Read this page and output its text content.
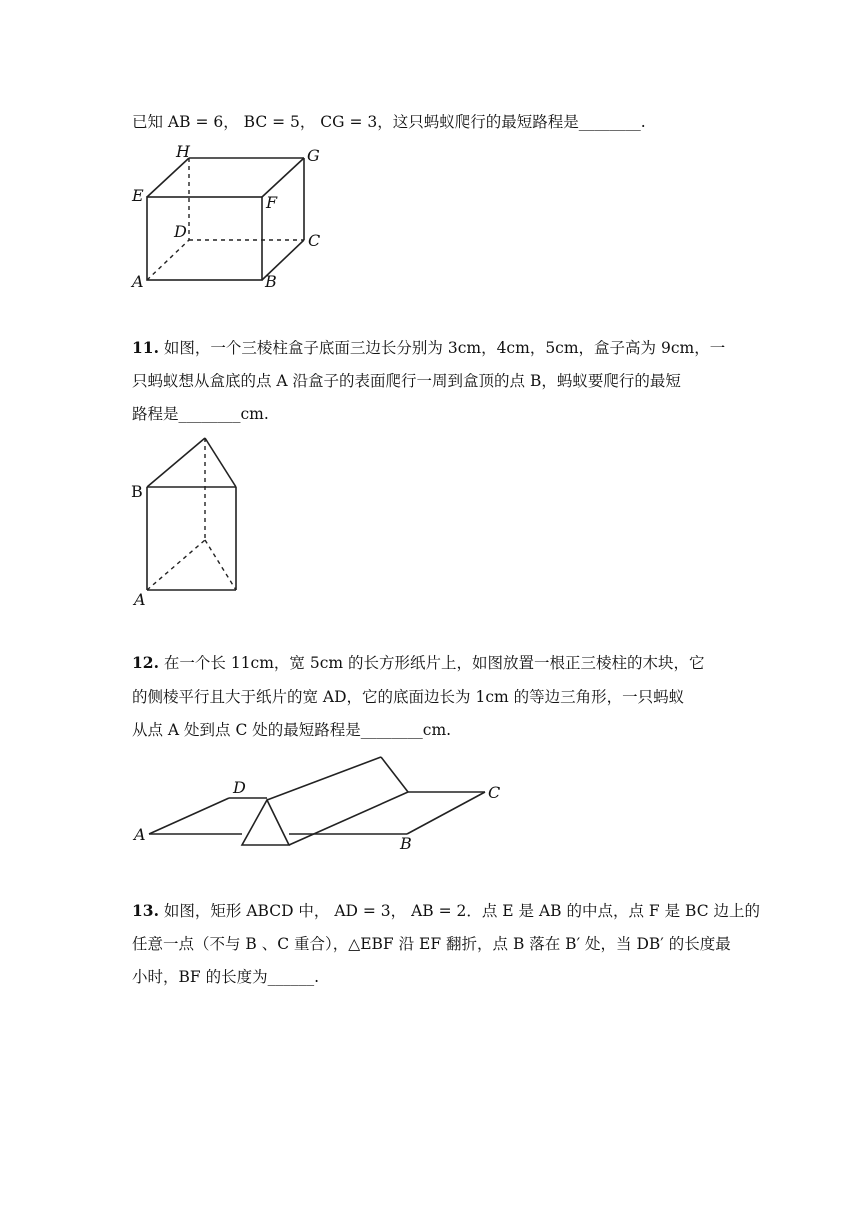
已知 AB = 6， BC = 5， CG = 3，这只蚂蚁爬行的最短路程是________.
H	G
E	F
D	C
A	B
11. 如图，一个三棱柱盒子底面三边长分别为 3cm，4cm，5cm，盒子高为 9cm，一
只蚂蚁想从盒底的点 A 沿盒子的表面爬行一周到盒顶的点 B，蚂蚁要爬行的最短
路程是________cm.
B
A
12. 在一个长 11cm，宽 5cm 的长方形纸片上，如图放置一根正三棱柱的木块，它
的侧棱平行且大于纸片的宽 AD，它的底面边长为 1cm 的等边三角形，一只蚂蚁
从点 A 处到点 C 处的最短路程是________cm.
D	C
A	B
13. 如图，矩形 ABCD 中， AD = 3， AB = 2．点 E 是 AB 的中点，点 F 是 BC 边上的
任意一点（不与 B 、C 重合），△EBF 沿 EF 翻折，点 B 落在 B′ 处，当 DB′ 的长度最
小时，BF 的长度为______.
